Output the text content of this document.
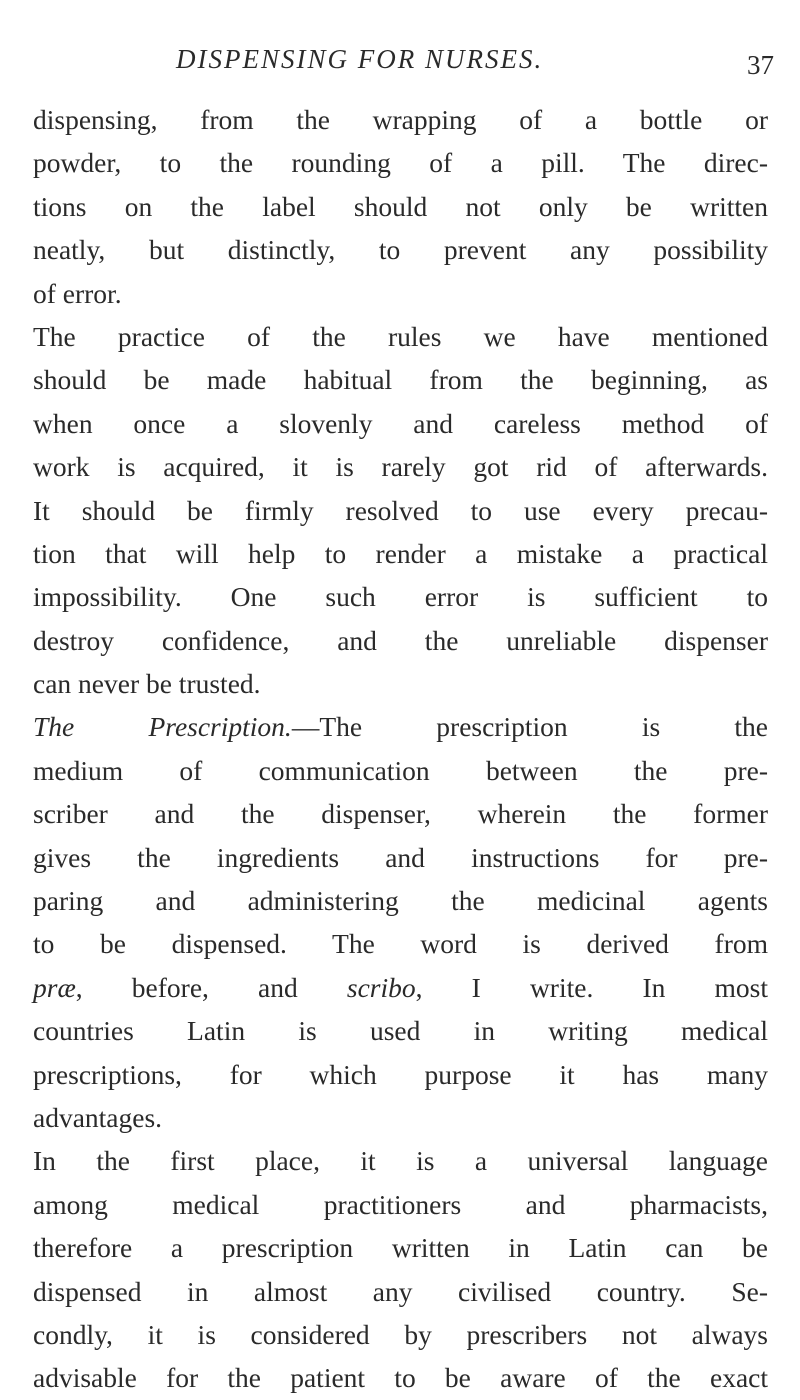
DISPENSING FOR NURSES.	37
dispensing, from the wrapping of a bottle or
powder, to the rounding of a pill. The direc-
tions on the label should not only be written
neatly, but distinctly, to prevent any possibility
of error.
The practice of the rules we have mentioned
should be made habitual from the beginning, as
when once a slovenly and careless method of
work is acquired, it is rarely got rid of afterwards.
It should be firmly resolved to use every precau-
tion that will help to render a mistake a practical
impossibility. One such error is sufficient to
destroy confidence, and the unreliable dispenser
can never be trusted.
The Prescription.—The prescription is the
medium of communication between the pre-
scriber and the dispenser, wherein the former
gives the ingredients and instructions for pre-
paring and administering the medicinal agents
to be dispensed. The word is derived from
præ, before, and scribo, I write. In most
countries Latin is used in writing medical
prescriptions, for which purpose it has many
advantages.
In the first place, it is a universal language
among medical practitioners and pharmacists,
therefore a prescription written in Latin can be
dispensed in almost any civilised country. Se-
condly, it is considered by prescribers not always
advisable for the patient to be aware of the exact
